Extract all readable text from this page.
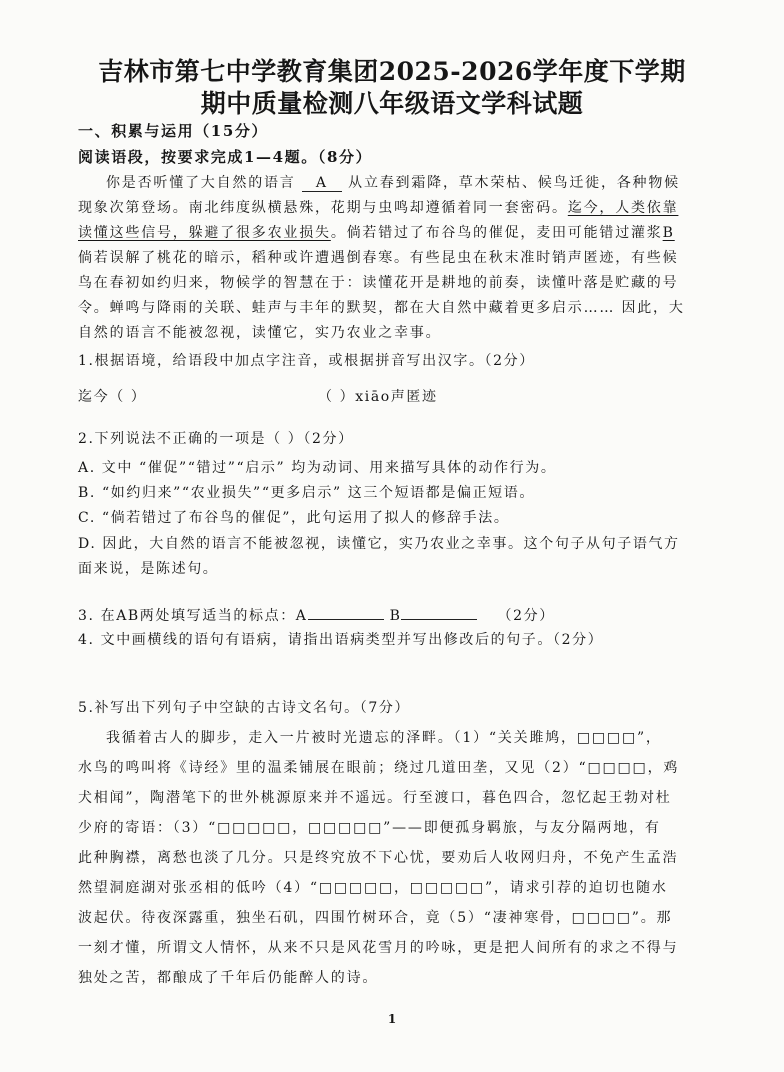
吉林市第七中学教育集团2025-2026学年度下学期
期中质量检测八年级语文学科试题
一、积累与运用（15分）
阅读语段，按要求完成1—4题。（8分）
你是否听懂了大自然的语言 A 从立春到霜降，草木荣枯、候鸟迁徙，各种物候
现象次第登场。南北纬度纵横悬殊，花期与虫鸣却遵循着同一套密码。迄今，人类依靠
读懂这些信号，躲避了很多农业损失。倘若错过了布谷鸟的催促，麦田可能错过灌浆B
倘若误解了桃花的暗示，稻种或许遭遇倒春寒。有些昆虫在秋末准时销声匿迹，有些候
鸟在春初如约归来，物候学的智慧在于：读懂花开是耕地的前奏，读懂叶落是贮藏的号
令。蝉鸣与降雨的关联、蛙声与丰年的默契，都在大自然中藏着更多启示…… 因此，大
自然的语言不能被忽视，读懂它，实乃农业之幸事。
1.根据语境，给语段中加点字注音，或根据拼音写出汉字。（2分）
迄今（ ）	（ ）xiāo声匿迹
2.下列说法不正确的一项是（ ）（2分）
A. 文中 “催促”“错过”“启示” 均为动词、用来描写具体的动作行为。
B. “如约归来”“农业损失”“更多启示” 这三个短语都是偏正短语。
C. “倘若错过了布谷鸟的催促”，此句运用了拟人的修辞手法。
D. 因此，大自然的语言不能被忽视，读懂它，实乃农业之幸事。这个句子从句子语气方
面来说，是陈述句。
3. 在AB两处填写适当的标点：A	B	（2分）
4. 文中画横线的语句有语病，请指出语病类型并写出修改后的句子。（2分）
5.补写出下列句子中空缺的古诗文名句。（7分）
我循着古人的脚步，走入一片被时光遗忘的泽畔。（1）“关关雎鸠，□□□□”，
水鸟的鸣叫将《诗经》里的温柔铺展在眼前；绕过几道田垄，又见（2）“□□□□，鸡
犬相闻”，陶潜笔下的世外桃源原来并不遥远。行至渡口，暮色四合，忽忆起王勃对杜
少府的寄语：（3）“□□□□□，□□□□□”——即便孤身羁旅，与友分隔两地，有
此种胸襟，离愁也淡了几分。只是终究放不下心忧，要劝后人收网归舟，不免产生孟浩
然望洞庭湖对张丞相的低吟（4）“□□□□□，□□□□□”，请求引荐的迫切也随水
波起伏。待夜深露重，独坐石矶，四围竹树环合，竟（5）“凄神寒骨，□□□□”。那
一刻才懂，所谓文人情怀，从来不只是风花雪月的吟咏，更是把人间所有的求之不得与
独处之苦，都酿成了千年后仍能醉人的诗。
1
